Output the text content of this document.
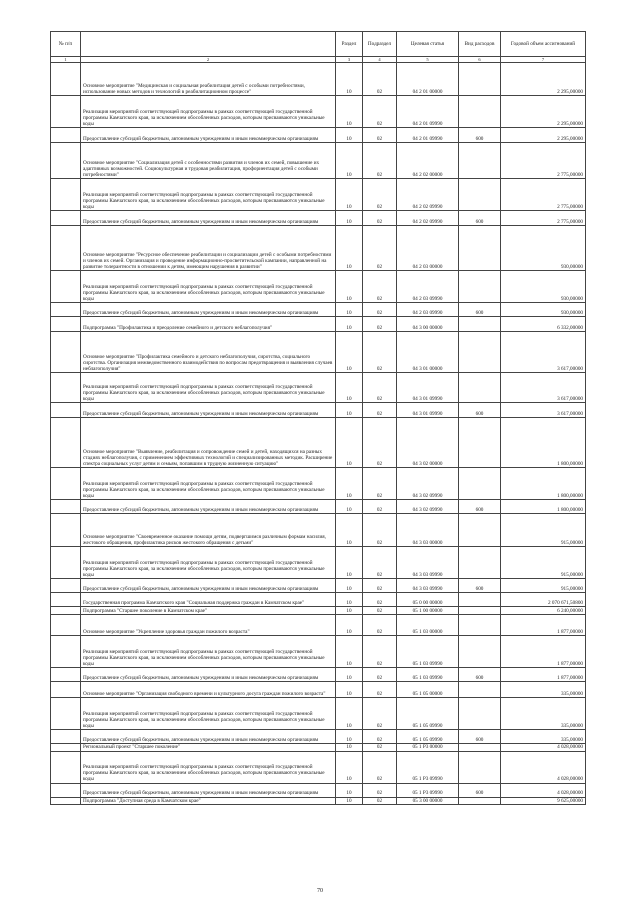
№ п/п		Раздел	Подраздел	Целевая статья	Вид расходов	Годовой объем ассигнований
1	2	3	4	5	6	7
	Основное мероприятие "Медицинская и социальная реабилитация детей с особыми потребностями, использование новых методов и технологий в реабилитационном процессе"	10	02	04 2 01 00000		2 295,00000
	Реализация мероприятий соответствующей подпрограммы в рамках соответствующей государственной программы Камчатского края, за исключением обособленных расходов, которым присваиваются уникальные коды	10	02	04 2 01 09990		2 295,00000
	Предоставление субсидий бюджетным, автономным учреждениям и иным некоммерческим организациям	10	02	04 2 01 09990	600	2 295,00000
	Основное мероприятие "Социализация детей с особенностями развития и членов их семей, повышение их адаптивных возможностей. Социокультурная и трудовая реабилитация, профориентация детей с особыми потребностями"	10	02	04 2 02 00000		2 775,00000
	Реализация мероприятий соответствующей подпрограммы в рамках соответствующей государственной программы Камчатского края, за исключением обособленных расходов, которым присваиваются уникальные коды	10	02	04 2 02 09990		2 775,00000
	Предоставление субсидий бюджетным, автономным учреждениям и иным некоммерческим организациям	10	02	04 2 02 09990	600	2 775,00000
	Основное мероприятие "Ресурсное обеспечение реабилитации и социализации детей с особыми потребностями и членов их семей. Организация и проведение информационно-просветительской кампании, направленной на развитие толерантности в отношении к детям, имеющим нарушения в развитии"	10	02	04 2 03 00000		930,00000
	Реализация мероприятий соответствующей подпрограммы в рамках соответствующей государственной программы Камчатского края, за исключением обособленных расходов, которым присваиваются уникальные коды	10	02	04 2 03 09990		930,00000
	Предоставление субсидий бюджетным, автономным учреждениям и иным некоммерческим организациям	10	02	04 2 03 09990	600	930,00000
	Подпрограмма "Профилактика и преодоление семейного и детского неблагополучия"	10	02	04 3 00 00000		6 332,00000
	Основное мероприятие "Профилактика семейного и детского неблагополучия, сиротства, социального сиротства. Организация межведомственного взаимодействия по вопросам предотвращения и выявления случаев неблагополучия"	10	02	04 3 01 00000		3 617,00000
	Реализация мероприятий соответствующей подпрограммы в рамках соответствующей государственной программы Камчатского края, за исключением обособленных расходов, которым присваиваются уникальные коды	10	02	04 3 01 09990		3 617,00000
	Предоставление субсидий бюджетным, автономным учреждениям и иным некоммерческим организациям	10	02	04 3 01 09990	600	3 617,00000
	Основное мероприятие "Выявление, реабилитация и сопровождение семей и детей, находящихся на разных стадиях неблагополучия, с применением эффективных технологий и специализированных методик. Расширение спектра социальных услуг детям и семьям, попавшим в трудную жизненную ситуацию"	10	02	04 3 02 00000		1 800,00000
	Реализация мероприятий соответствующей подпрограммы в рамках соответствующей государственной программы Камчатского края, за исключением обособленных расходов, которым присваиваются уникальные коды	10	02	04 3 02 09990		1 800,00000
	Предоставление субсидий бюджетным, автономным учреждениям и иным некоммерческим организациям	10	02	04 3 02 09990	600	1 800,00000
	Основное мероприятие "Своевременное оказание помощи детям, подвергшимся различным формам насилия, жестокого обращения, профилактика рисков жестокого обращения с детьми"	10	02	04 3 03 00000		915,00000
	Реализация мероприятий соответствующей подпрограммы в рамках соответствующей государственной программы Камчатского края, за исключением обособленных расходов, которым присваиваются уникальные коды	10	02	04 3 03 09990		915,00000
	Предоставление субсидий бюджетным, автономным учреждениям и иным некоммерческим организациям	10	02	04 3 03 09990	600	915,00000
	Государственная программа Камчатского края "Социальная поддержка граждан в Камчатском крае"	10	02	05 0 00 00000		2 070 671,50800
	Подпрограмма "Старшее поколение в Камчатском крае"	10	02	05 1 00 00000		6 240,00000
	Основное мероприятие "Укрепление здоровья граждан пожилого возраста"	10	02	05 1 03 00000		1 877,00000
	Реализация мероприятий соответствующей подпрограммы в рамках соответствующей государственной программы Камчатского края, за исключением обособленных расходов, которым присваиваются уникальные коды	10	02	05 1 03 09990		1 877,00000
	Предоставление субсидий бюджетным, автономным учреждениям и иным некоммерческим организациям	10	02	05 1 03 09990	600	1 877,00000
	Основное мероприятие "Организация свободного времени и культурного досуга граждан пожилого возраста"	10	02	05 1 05 00000		335,00000
	Реализация мероприятий соответствующей подпрограммы в рамках соответствующей государственной программы Камчатского края, за исключением обособленных расходов, которым присваиваются уникальные коды	10	02	05 1 05 09990		335,00000
	Предоставление субсидий бюджетным, автономным учреждениям и иным некоммерческим организациям	10	02	05 1 05 09990	600	335,00000
	Региональный проект "Старшее поколение"	10	02	05 1 P3 00000		4 028,00000
	Реализация мероприятий соответствующей подпрограммы в рамках соответствующей государственной программы Камчатского края, за исключением обособленных расходов, которым присваиваются уникальные коды	10	02	05 1 P3 09990		4 028,00000
	Предоставление субсидий бюджетным, автономным учреждениям и иным некоммерческим организациям	10	02	05 1 P3 09990	600	4 028,00000
	Подпрограмма "Доступная среда в Камчатском крае"	10	02	05 3 00 00000		9 625,00000
70
